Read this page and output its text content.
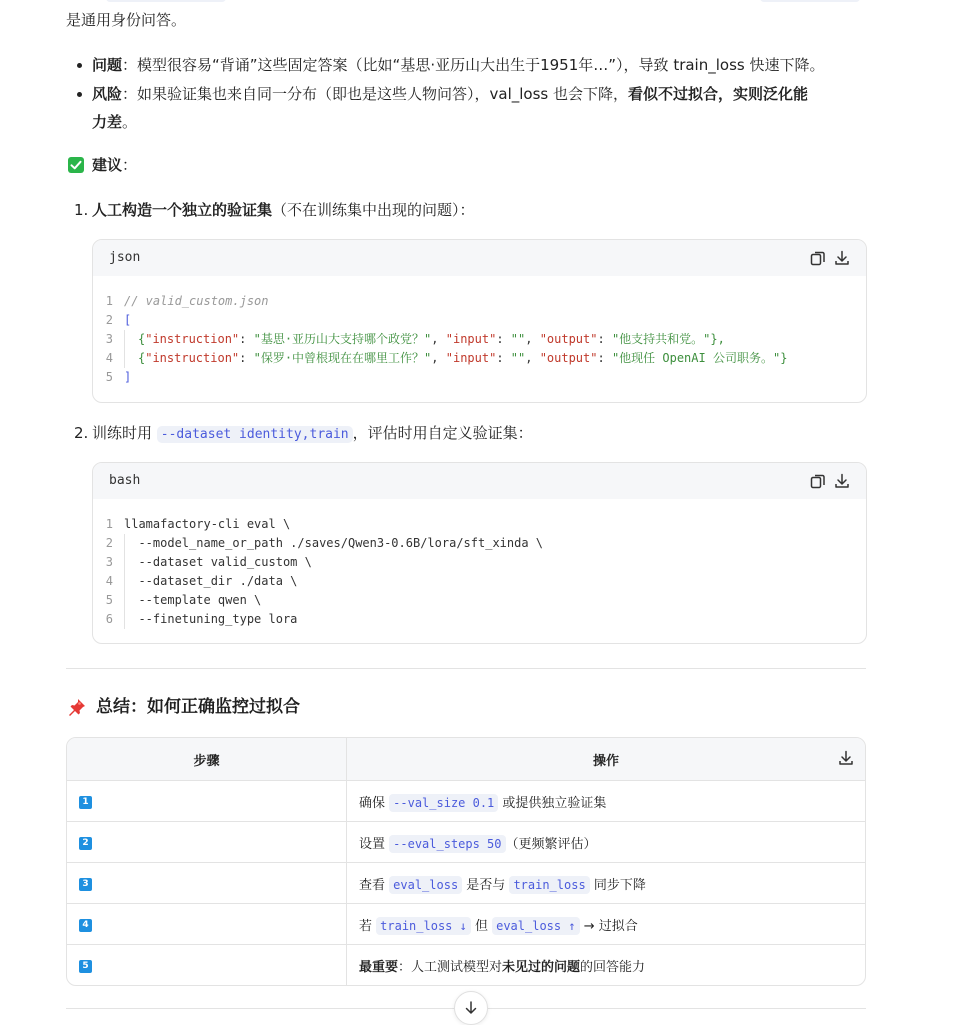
是通用身份问答。
问题：模型很容易“背诵”这些固定答案（比如“基思·亚历山大出生于1951年…”），导致 train_loss 快速下降。
风险：如果验证集也来自同一分布（即也是这些人物问答），val_loss 也会下降，看似不过拟合，实则泛化能
力差。
建议：
1. 人工构造一个独立的验证集（不在训练集中出现的问题）：
json
1 // valid_custom.json
2 [
3 {"instruction": "基思·亚历山大支持哪个政党？", "input": "", "output": "他支持共和党。"},
4 {"instruction": "保罗·中曾根现在在哪里工作？", "input": "", "output": "他现任 OpenAI 公司职务。"}
5 ]
2. 训练时用 --dataset identity,train ，评估时用自定义验证集：
bash
1 llamafactory-cli eval \
2 --model_name_or_path ./saves/Qwen3-0.6B/lora/sft_xinda \
3 --dataset valid_custom \
4 --dataset_dir ./data \
5 --template qwen \
6 --finetuning_type lora
总结：如何正确监控过拟合
步骤	操作

1	确保 --val_size 0.1 或提供独立验证集
2	设置 --eval_steps 50 （更频繁评估）
3	查看 eval_loss 是否与 train_loss 同步下降
4	若 train_loss ↓ 但 eval_loss ↑ → 过拟合
5	最重要：人工测试模型对未见过的问题的回答能力
